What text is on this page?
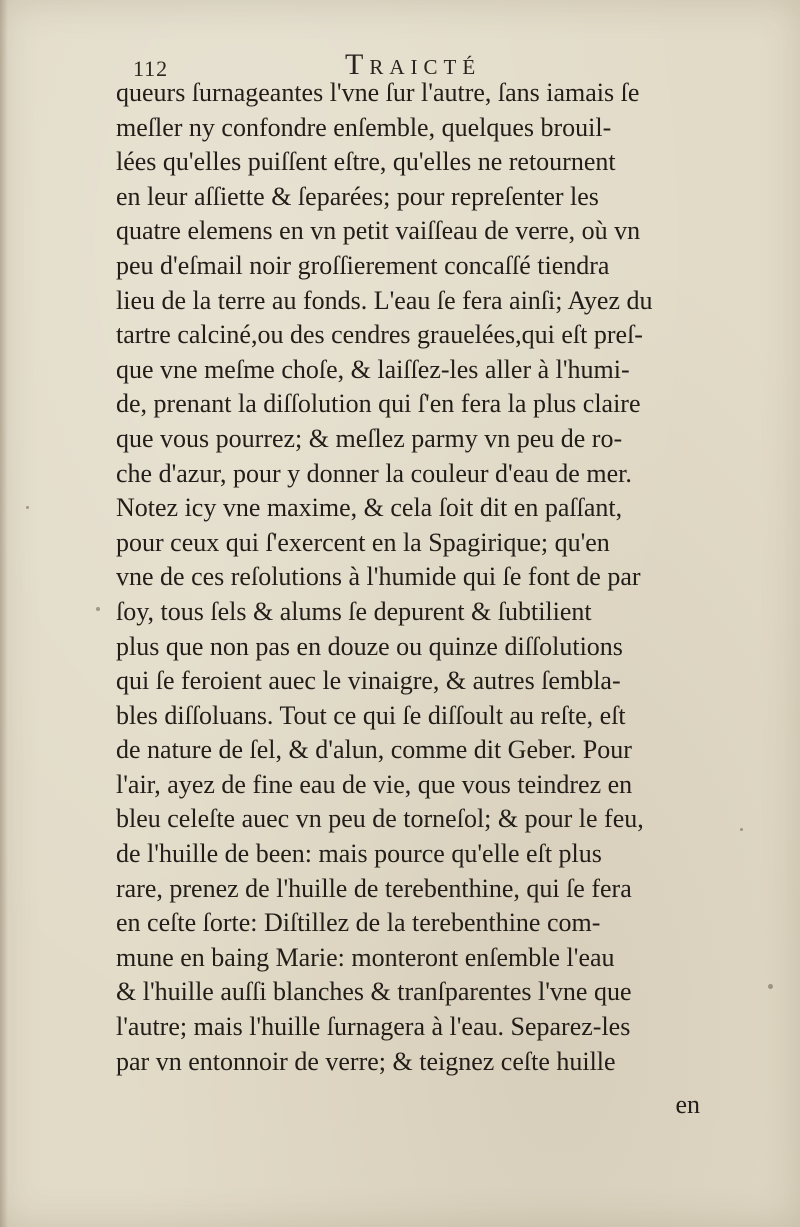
112	Traicté
queurs ſurnageantes l'vne ſur l'autre, ſans iamais ſe
meſler ny confondre enſemble, quelques brouil-
lées qu'elles puiſſent eſtre, qu'elles ne retournent
en leur aſſiette & ſeparées; pour repreſenter les
quatre elemens en vn petit vaiſſeau de verre, où vn
peu d'eſmail noir groſſierement concaſſé tiendra
lieu de la terre au fonds. L'eau ſe fera ainſi; Ayez du
tartre calciné,ou des cendres grauelées,qui eſt preſ-
que vne meſme choſe, & laiſſez-les aller à l'humi-
de, prenant la diſſolution qui ſ'en fera la plus claire
que vous pourrez; & meſlez parmy vn peu de ro-
che d'azur, pour y donner la couleur d'eau de mer.
Notez icy vne maxime, & cela ſoit dit en paſſant,
pour ceux qui ſ'exercent en la Spagirique; qu'en
vne de ces reſolutions à l'humide qui ſe font de par
ſoy, tous ſels & alums ſe depurent & ſubtilient
plus que non pas en douze ou quinze diſſolutions
qui ſe feroient auec le vinaigre, & autres ſembla-
bles diſſoluans. Tout ce qui ſe diſſoult au reſte, eſt
de nature de ſel, & d'alun, comme dit Geber. Pour
l'air, ayez de fine eau de vie, que vous teindrez en
bleu celeſte auec vn peu de torneſol; & pour le feu,
de l'huille de been: mais pource qu'elle eſt plus
rare, prenez de l'huille de terebenthine, qui ſe fera
en ceſte ſorte: Diſtillez de la terebenthine com-
mune en baing Marie: monteront enſemble l'eau
& l'huille auſſi blanches & tranſparentes l'vne que
l'autre; mais l'huille ſurnagera à l'eau. Separez-les
par vn entonnoir de verre; & teignez ceſte huille
en
